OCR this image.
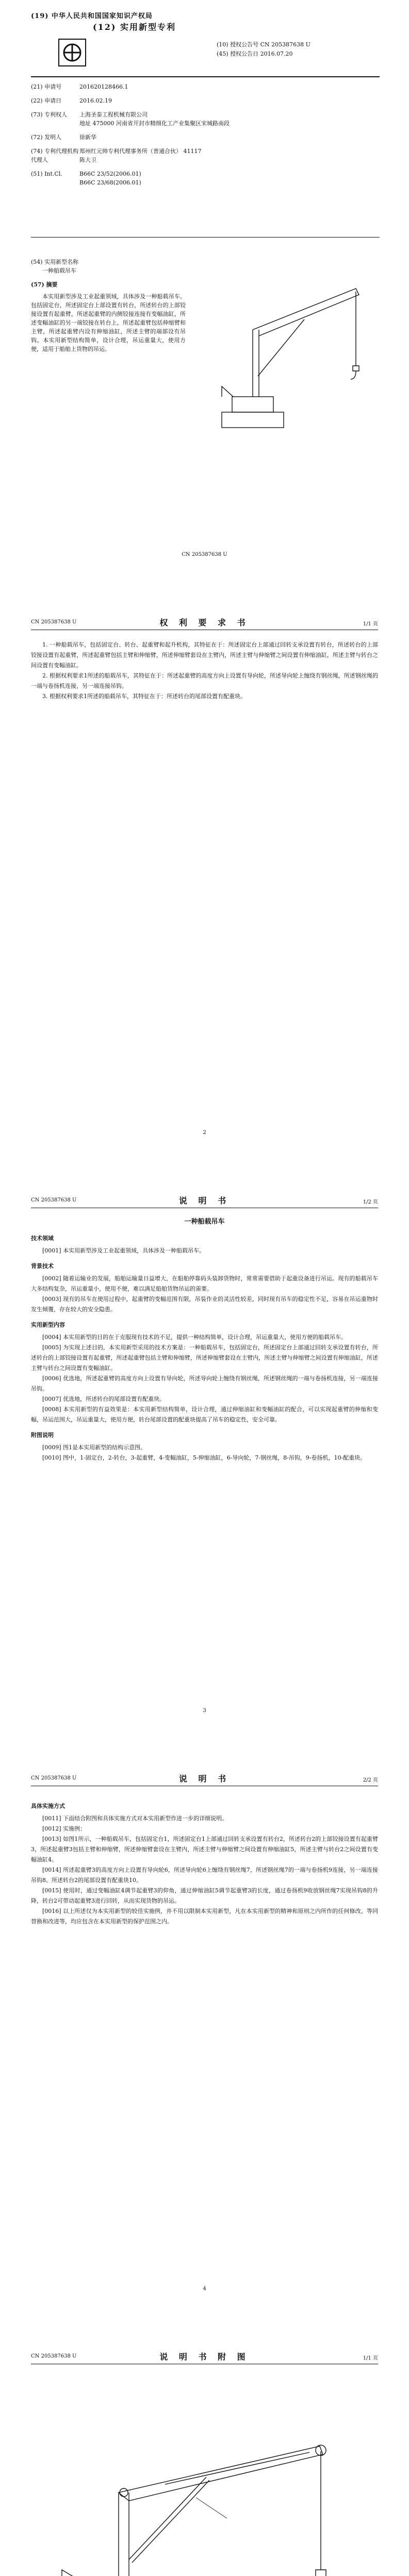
(19) 中华人民共和国国家知识产权局
(12) 实用新型专利
(10) 授权公告号 CN 205387638 U
(45) 授权公告日 2016.07.20
(21) 申请号	201620128466.1
(22) 申请日	2016.02.19
(73) 专利权人	上海圣泰工程机械有限公司
地址 475000 河南省开封市精细化工产业集聚区宋城路南段
(72) 发明人	徐新华
(74) 专利代理机构 郑州红元帅专利代理事务所（普通合伙） 41117
代理人	陈大卫
(51) Int.Cl.	B66C 23/52(2006.01)
B66C 23/68(2006.01)
(54) 实用新型名称
一种船载吊车
(57) 摘要
本实用新型涉及工业起重领域，具体涉及一种船载吊车。包括固定台，所述固定台上部设置有转台，所述转台的上部铰接设置有起重臂，所述起重臂的内侧铰接连接有变幅油缸，所述变幅油缸的另一端铰接在转台上，所述起重臂包括伸缩臂和主臂，所述起重臂内设有伸缩油缸，所述主臂的端部设有吊钩。本实用新型结构简单，设计合理，吊运重量大，使用方便，适用于船舶上货物的吊运。
CN 205387638 U
CN 205387638 U	权 利 要 求 书	1/1 页

1. 一种船载吊车，包括固定台、转台、起重臂和起升机构，其特征在于：所述固定台上部通过回转支承设置有转台，所述转台的上部铰接设置有起重臂，所述起重臂包括主臂和伸缩臂，所述伸缩臂套设在主臂内，所述主臂与伸缩臂之间设置有伸缩油缸，所述主臂与转台之间设置有变幅油缸。

2. 根据权利要求1所述的船载吊车，其特征在于：所述起重臂的高度方向上设置有导向轮，所述导向轮上缠绕有钢丝绳，所述钢丝绳的一端与卷扬机连接，另一端连接吊钩。

3. 根据权利要求1所述的船载吊车，其特征在于：所述转台的尾部设置有配重块。

2
CN 205387638 U	说 明 书	1/2 页
一种船载吊车
技术领域

[0001] 本实用新型涉及工业起重领域，具体涉及一种船载吊车。

背景技术

[0002] 随着运输业的发展，船舶运输量日益增大，在船舶停靠码头装卸货物时，常常需要借助于起重设备进行吊运。现有的船载吊车大多结构复杂，吊运重量小，使用不便，难以满足船舶货物吊运的需要。

[0003] 现有的吊车在使用过程中，起重臂的变幅范围有限，吊装作业的灵活性较差，同时现有吊车的稳定性不足，容易在吊运重物时发生倾覆，存在较大的安全隐患。

实用新型内容

[0004] 本实用新型的目的在于克服现有技术的不足，提供一种结构简单，设计合理，吊运重量大，使用方便的船载吊车。

[0005] 为实现上述目的，本实用新型采用的技术方案是：一种船载吊车，包括固定台，所述固定台上部通过回转支承设置有转台，所述转台的上部铰接设置有起重臂，所述起重臂包括主臂和伸缩臂，所述伸缩臂套设在主臂内，所述主臂与伸缩臂之间设置有伸缩油缸，所述主臂与转台之间设置有变幅油缸。

[0006] 优选地，所述起重臂的高度方向上设置有导向轮，所述导向轮上缠绕有钢丝绳，所述钢丝绳的一端与卷扬机连接，另一端连接吊钩。

[0007] 优选地，所述转台的尾部设置有配重块。

[0008] 本实用新型的有益效果是：本实用新型结构简单，设计合理，通过伸缩油缸和变幅油缸的配合，可以实现起重臂的伸缩和变幅，吊运范围大，吊运重量大，使用方便，转台尾部设置的配重块提高了吊车的稳定性，安全可靠。

附图说明

[0009] 图1是本实用新型的结构示意图。

[0010] 图中，1-固定台，2-转台，3-起重臂，4-变幅油缸，5-伸缩油缸，6-导向轮，7-钢丝绳，8-吊钩，9-卷扬机，10-配重块。

3
CN 205387638 U	说 明 书	2/2 页
具体实施方式

[0011] 下面结合附图和具体实施方式对本实用新型作进一步的详细说明。

[0012] 实施例：

[0013] 如图1所示，一种船载吊车，包括固定台1，所述固定台1上部通过回转支承设置有转台2，所述转台2的上部铰接设置有起重臂3，所述起重臂3包括主臂和伸缩臂，所述伸缩臂套设在主臂内，所述主臂与伸缩臂之间设置有伸缩油缸5，所述主臂与转台2之间设置有变幅油缸4。

[0014] 所述起重臂3的高度方向上设置有导向轮6，所述导向轮6上缠绕有钢丝绳7，所述钢丝绳7的一端与卷扬机9连接，另一端连接吊钩8。所述转台2的尾部设置有配重块10。

[0015] 使用时，通过变幅油缸4调节起重臂3的仰角，通过伸缩油缸5调节起重臂3的长度，通过卷扬机9收放钢丝绳7实现吊钩8的升降，转台2可带动起重臂3进行回转，从而实现货物的吊运。

[0016] 以上所述仅为本实用新型的较佳实施例，并不用以限制本实用新型，凡在本实用新型的精神和原则之内所作的任何修改、等同替换和改进等，均应包含在本实用新型的保护范围之内。

4
CN 205387638 U	说 明 书 附 图	1/1 页
